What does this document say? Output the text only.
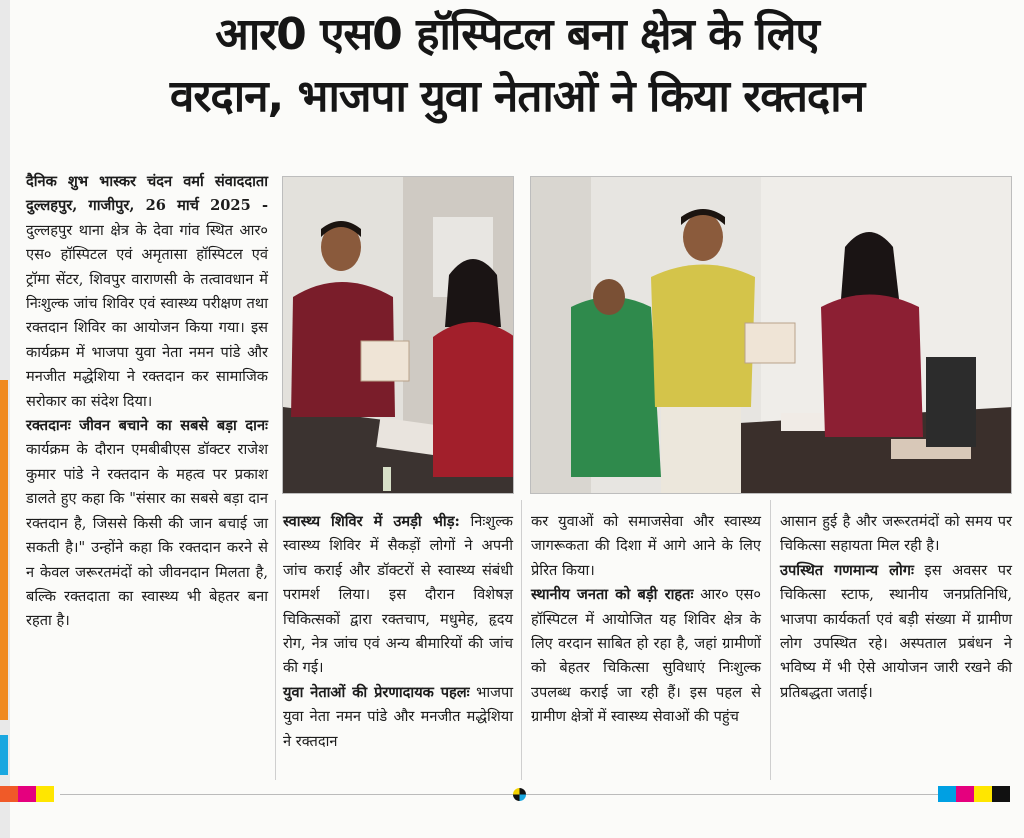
आर0 एस0 हॉस्पिटल बना क्षेत्र के लिए
वरदान, भाजपा युवा नेताओं ने किया रक्तदान

दैनिक शुभ भास्कर चंदन वर्मा संवाददाता दुल्लहपुर, गाजीपुर, 26 मार्च 2025 - दुल्लहपुर थाना क्षेत्र के देवा गांव स्थित आर० एस० हॉस्पिटल एवं अमृतासा हॉस्पिटल एवं ट्रॉमा सेंटर, शिवपुर वाराणसी के तत्वावधान में निःशुल्क जांच शिविर एवं स्वास्थ्य परीक्षण तथा रक्तदान शिविर का आयोजन किया गया। इस कार्यक्रम में भाजपा युवा नेता नमन पांडे और मनजीत मद्धेशिया ने रक्तदान कर सामाजिक सरोकार का संदेश दिया।

रक्तदानः जीवन बचाने का सबसे बड़ा दानः कार्यक्रम के दौरान एमबीबीएस डॉक्टर राजेश कुमार पांडे ने रक्तदान के महत्व पर प्रकाश डालते हुए कहा कि "संसार का सबसे बड़ा दान रक्तदान है, जिससे किसी की जान बचाई जा सकती है।" उन्होंने कहा कि रक्तदान करने से न केवल जरूरतमंदों को जीवनदान मिलता है, बल्कि रक्तदाता का स्वास्थ्य भी बेहतर बना रहता है।

स्वास्थ्य शिविर में उमड़ी भीड़: निःशुल्क स्वास्थ्य शिविर में सैकड़ों लोगों ने अपनी जांच कराई और डॉक्टरों से स्वास्थ्य संबंधी परामर्श लिया। इस दौरान विशेषज्ञ चिकित्सकों द्वारा रक्तचाप, मधुमेह, हृदय रोग, नेत्र जांच एवं अन्य बीमारियों की जांच की गई।

युवा नेताओं की प्रेरणादायक पहलः भाजपा युवा नेता नमन पांडे और मनजीत मद्धेशिया ने रक्तदान

कर युवाओं को समाजसेवा और स्वास्थ्य जागरूकता की दिशा में आगे आने के लिए प्रेरित किया।

स्थानीय जनता को बड़ी राहतः आर० एस० हॉस्पिटल में आयोजित यह शिविर क्षेत्र के लिए वरदान साबित हो रहा है, जहां ग्रामीणों को बेहतर चिकित्सा सुविधाएं निःशुल्क उपलब्ध कराई जा रही हैं। इस पहल से ग्रामीण क्षेत्रों में स्वास्थ्य सेवाओं की पहुंच

आसान हुई है और जरूरतमंदों को समय पर चिकित्सा सहायता मिल रही है।

उपस्थित गणमान्य लोगः इस अवसर पर चिकित्सा स्टाफ, स्थानीय जनप्रतिनिधि, भाजपा कार्यकर्ता एवं बड़ी संख्या में ग्रामीण लोग उपस्थित रहे। अस्पताल प्रबंधन ने भविष्य में भी ऐसे आयोजन जारी रखने की प्रतिबद्धता जताई।
